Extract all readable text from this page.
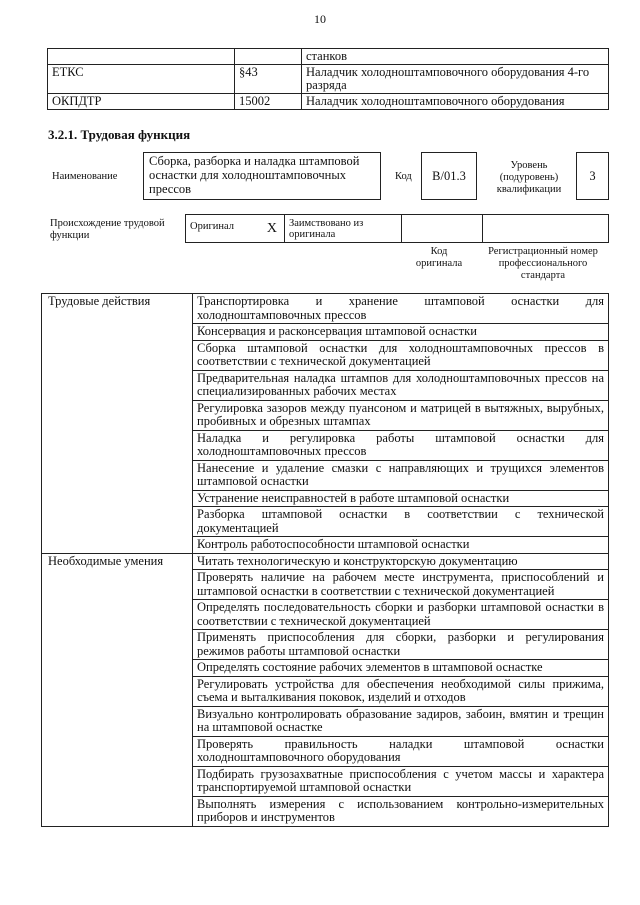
10
		станков
ЕТКС	§43	Наладчик холодноштамповочного оборудования 4-го разряда
ОКПДТР	15002	Наладчик холодноштамповочного оборудования
3.2.1. Трудовая функция
Наименование
Сборка, разборка и наладка штамповой оснастки для холодноштамповочных прессов
Код	В/01.3
Уровень (подуровень) квалификации
3
Происхождение трудовой функции
Оригинал X	Заимствовано из оригинала		
Код оригинала
Регистрационный номер профессионального стандарта
Трудовые действия	Транспортировка и хранение штамповой оснастки для холодноштамповочных прессов
	Консервация и расконсервация штамповой оснастки
	Сборка штамповой оснастки для холодноштамповочных прессов в соответствии с технической документацией
	Предварительная наладка штампов для холодноштамповочных прессов на специализированных рабочих местах
	Регулировка зазоров между пуансоном и матрицей в вытяжных, вырубных, пробивных и обрезных штампах
	Наладка и регулировка работы штамповой оснастки для холодноштамповочных прессов
	Нанесение и удаление смазки с направляющих и трущихся элементов штамповой оснастки
	Устранение неисправностей в работе штамповой оснастки
	Разборка штамповой оснастки в соответствии с технической документацией
	Контроль работоспособности штамповой оснастки
Необходимые умения	Читать технологическую и конструкторскую документацию
	Проверять наличие на рабочем месте инструмента, приспособлений и штамповой оснастки в соответствии с технической документацией
	Определять последовательность сборки и разборки штамповой оснастки в соответствии с технической документацией
	Применять приспособления для сборки, разборки и регулирования режимов работы штамповой оснастки
	Определять состояние рабочих элементов в штамповой оснастке
	Регулировать устройства для обеспечения необходимой силы прижима, съема и выталкивания поковок, изделий и отходов
	Визуально контролировать образование задиров, забоин, вмятин и трещин на штамповой оснастке
	Проверять правильность наладки штамповой оснастки холодноштамповочного оборудования
	Подбирать грузозахватные приспособления с учетом массы и характера транспортируемой штамповой оснастки
	Выполнять измерения с использованием контрольно-измерительных приборов и инструментов
